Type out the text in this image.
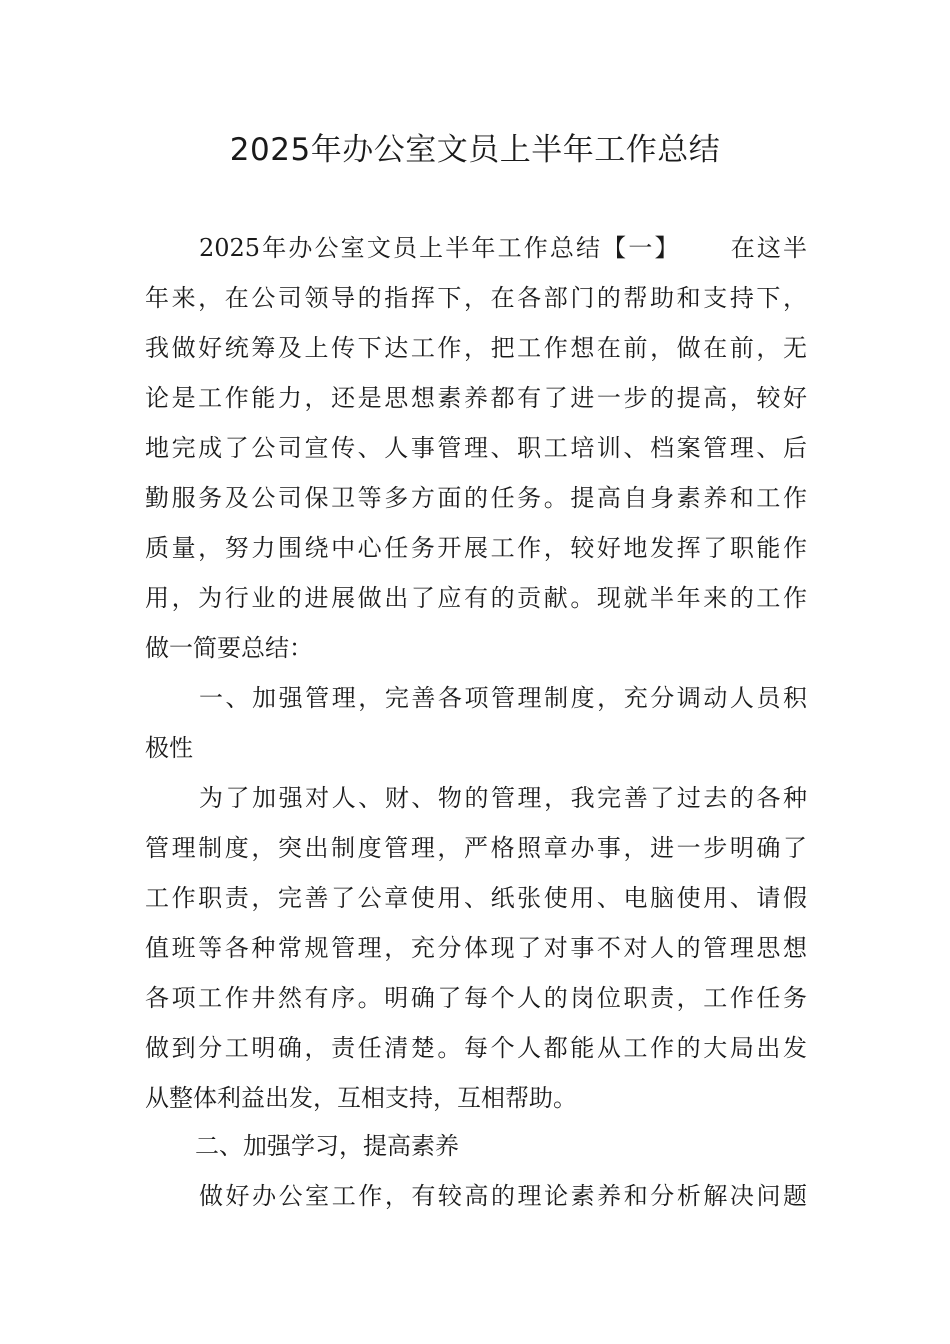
2025年办公室文员上半年工作总结
2025年办公室文员上半年工作总结【一】　　 在这半
年来，在公司领导的指挥下，在各部门的帮助和支持下，
我做好统筹及上传下达工作，把工作想在前，做在前，无
论是工作能力，还是思想素养都有了进一步的提高，较好
地完成了公司宣传、人事管理、职工培训、档案管理、后
勤服务及公司保卫等多方面的任务。提高自身素养和工作
质量，努力围绕中心任务开展工作，较好地发挥了职能作
用，为行业的进展做出了应有的贡献。现就半年来的工作
做一简要总结：
一、加强管理，完善各项管理制度，充分调动人员积
极性
为了加强对人、财、物的管理，我完善了过去的各种
管理制度，突出制度管理，严格照章办事，进一步明确了
工作职责，完善了公章使用、纸张使用、电脑使用、请假
值班等各种常规管理，充分体现了对事不对人的管理思想
各项工作井然有序。明确了每个人的岗位职责，工作任务
做到分工明确，责任清楚。每个人都能从工作的大局出发
从整体利益出发，互相支持，互相帮助。
二、加强学习，提高素养
做好办公室工作，有较高的理论素养和分析解决问题
